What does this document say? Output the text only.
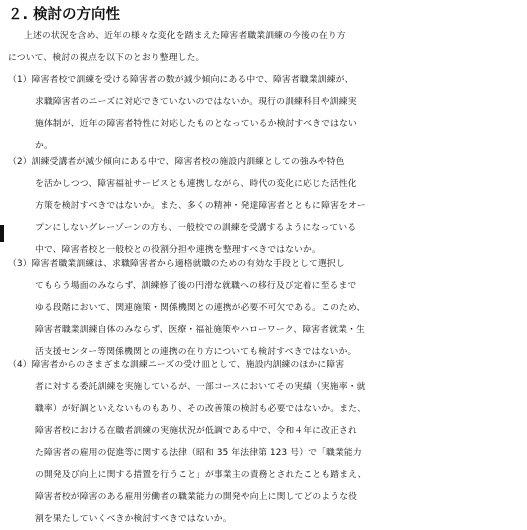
２. 検討の方向性
上述の状況を含め、近年の様々な変化を踏まえた障害者職業訓練の今後の在り方
について、検討の視点を以下のとおり整理した。
（1）障害者校で訓練を受ける障害者の数が減少傾向にある中で、障害者職業訓練が、
求職障害者のニーズに対応できていないのではないか。現行の訓練科目や訓練実
施体制が、近年の障害者特性に対応したものとなっているか検討すべきではない
か。
（2）訓練受講者が減少傾向にある中で、障害者校の施設内訓練としての強みや特色
を活かしつつ、障害福祉サービスとも連携しながら、時代の変化に応じた活性化
方策を検討すべきではないか。また、多くの精神・発達障害者とともに障害をオー
プンにしないグレーゾーンの方も、一般校での訓練を受講するようになっている
中で、障害者校と一般校との役割分担や連携を整理すべきではないか。
（3）障害者職業訓練は、求職障害者から適格就職のための有効な手段として選択し
てもらう場面のみならず、訓練修了後の円滑な就職への移行及び定着に至るまで
ゆる段階において、関連施策・関係機関との連携が必要不可欠である。このため、
障害者職業訓練自体のみならず、医療・福祉施策やハローワーク、障害者就業・生
活支援センター等関係機関との連携の在り方についても検討すべきではないか。
（4）障害者からのさまざまな訓練ニーズの受け皿として、施設内訓練のほかに障害
者に対する委託訓練を実施しているが、一部コースにおいてその実績（実施率・就
職率）が好調といえないものもあり、その改善策の検討も必要ではないか。また、
障害者校における在職者訓練の実施状況が低調である中で、令和４年に改正され
た障害者の雇用の促進等に関する法律（昭和 35 年法律第 123 号）で「職業能力
の開発及び向上に関する措置を行うこと」が事業主の責務とされたことも踏まえ、
障害者校が障害のある雇用労働者の職業能力の開発や向上に関してどのような役
割を果たしていくべきか検討すべきではないか。
